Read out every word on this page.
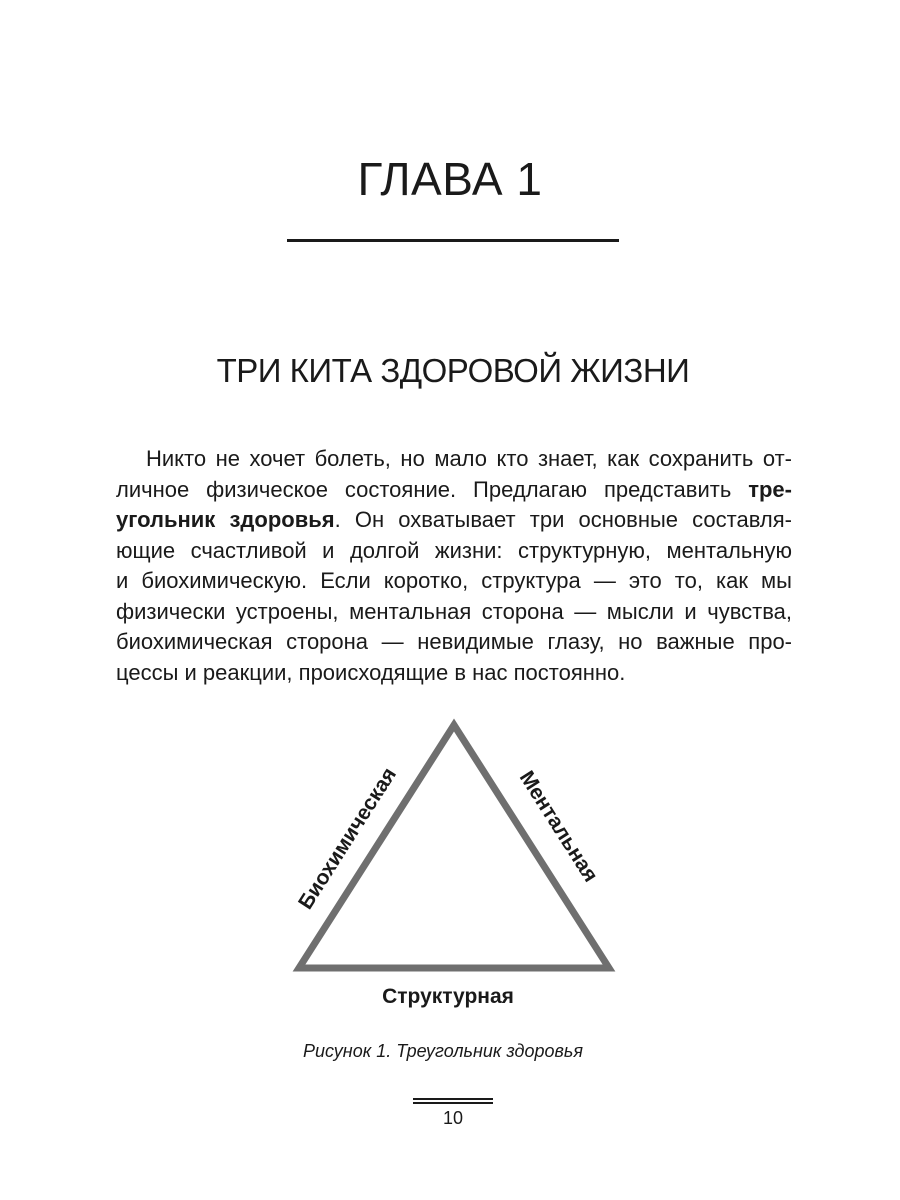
ГЛАВА 1
ТРИ КИТА ЗДОРОВОЙ ЖИЗНИ
Никто не хочет болеть, но мало кто знает, как сохранить от-
личное физическое состояние. Предлагаю представить тре-
угольник здоровья. Он охватывает три основные составля-
ющие счастливой и долгой жизни: структурную, ментальную
и биохимическую. Если коротко, структура — это то, как мы
физически устроены, ментальная сторона — мысли и чувства,
биохимическая сторона — невидимые глазу, но важные про-
цессы и реакции, происходящие в нас постоянно.
Биохимическая	Ментальная
Структурная
Рисунок 1. Треугольник здоровья
10
